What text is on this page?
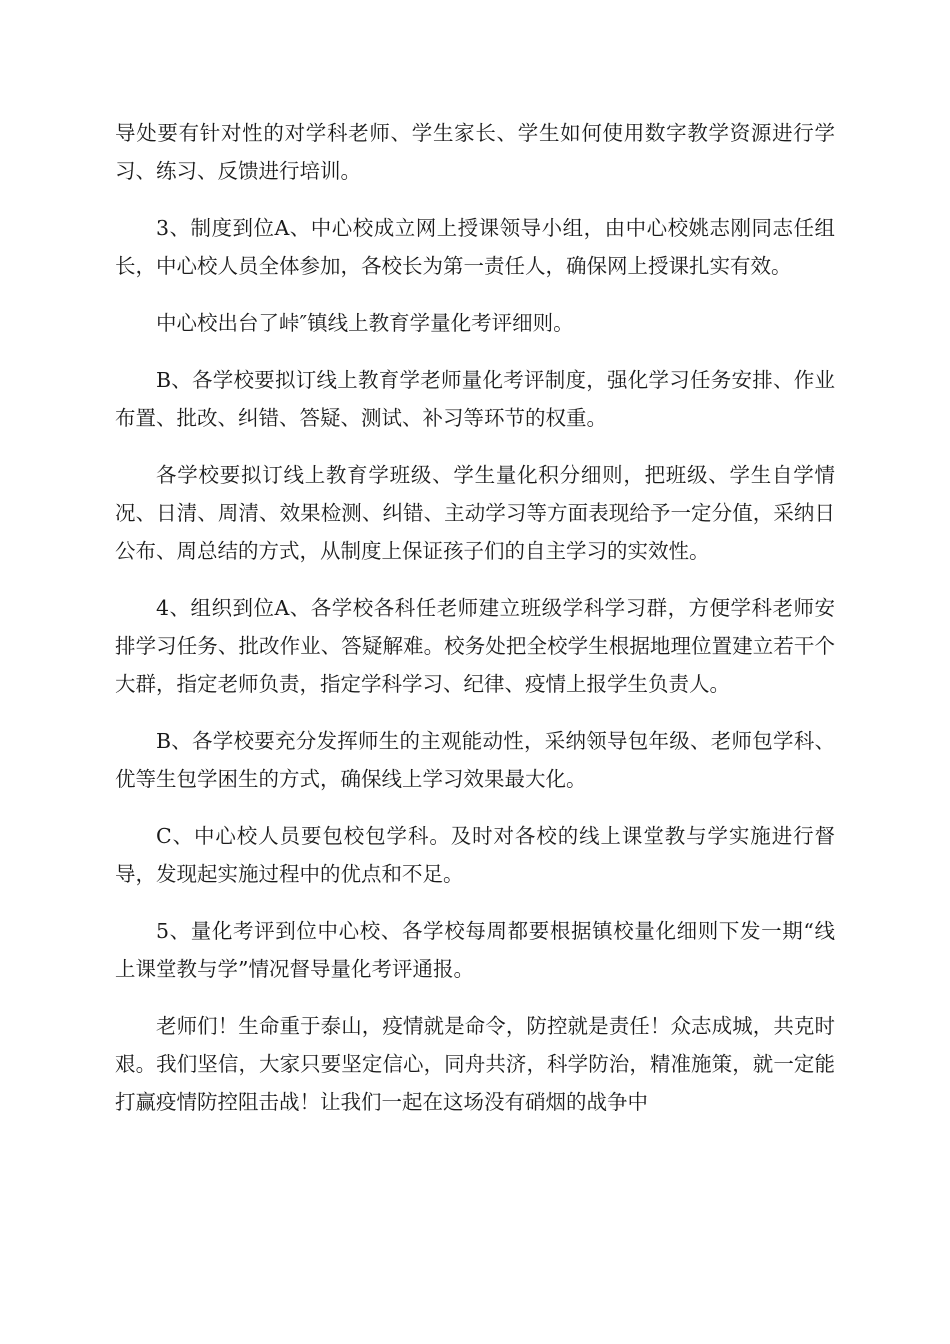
导处要有针对性的对学科老师、学生家长、学生如何使用数字教学资源进行学习、练习、反馈进行培训。

3、制度到位A、中心校成立网上授课领导小组，由中心校姚志刚同志任组长，中心校人员全体参加，各校长为第一责任人，确保网上授课扎实有效。

中心校出台了峠″镇线上教育学量化考评细则。

B、各学校要拟订线上教育学老师量化考评制度，强化学习任务安排、作业布置、批改、纠错、答疑、测试、补习等环节的权重。

各学校要拟订线上教育学班级、学生量化积分细则，把班级、学生自学情况、日清、周清、效果检测、纠错、主动学习等方面表现给予一定分值，采纳日公布、周总结的方式，从制度上保证孩子们的自主学习的实效性。

4、组织到位A、各学校各科任老师建立班级学科学习群，方便学科老师安排学习任务、批改作业、答疑解难。校务处把全校学生根据地理位置建立若干个大群，指定老师负责，指定学科学习、纪律、疫情上报学生负责人。

B、各学校要充分发挥师生的主观能动性，采纳领导包年级、老师包学科、优等生包学困生的方式，确保线上学习效果最大化。

C、中心校人员要包校包学科。及时对各校的线上课堂教与学实施进行督导，发现起实施过程中的优点和不足。

5、量化考评到位中心校、各学校每周都要根据镇校量化细则下发一期“线上课堂教与学”情况督导量化考评通报。

老师们！生命重于泰山，疫情就是命令，防控就是责任！众志成城，共克时艰。我们坚信，大家只要坚定信心，同舟共济，科学防治，精准施策，就一定能打赢疫情防控阻击战！让我们一起在这场没有硝烟的战争中
